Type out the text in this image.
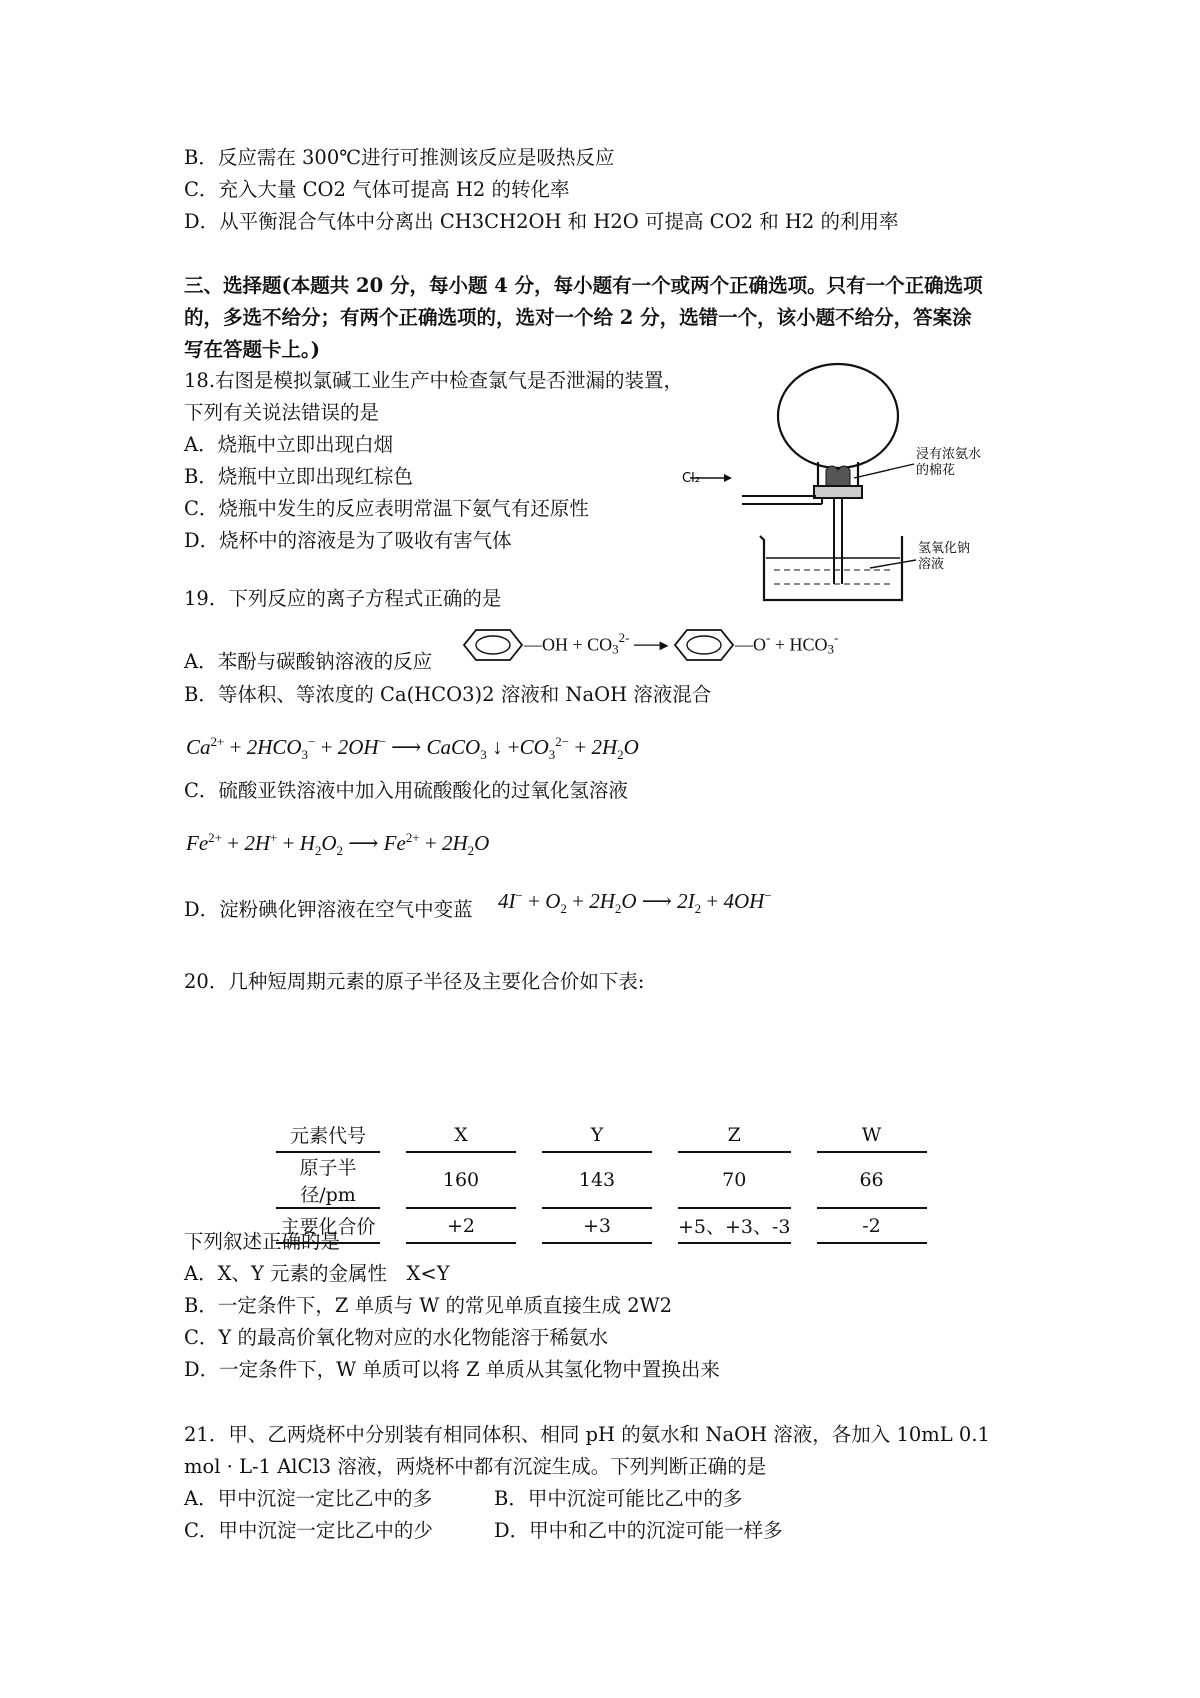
B．反应需在 300℃进行可推测该反应是吸热反应
C．充入大量 CO2 气体可提高 H2 的转化率
D．从平衡混合气体中分离出 CH3CH2OH 和 H2O 可提高 CO2 和 H2 的利用率
三、选择题(本题共 20 分，每小题 4 分，每小题有一个或两个正确选项。只有一个正确选项
的，多选不给分；有两个正确选项的，选对一个给 2 分，选错一个，该小题不给分，答案涂
写在答题卡上。)
18.右图是模拟氯碱工业生产中检查氯气是否泄漏的装置，
下列有关说法错误的是
A．烧瓶中立即出现白烟
B．烧瓶中立即出现红棕色
C．烧瓶中发生的反应表明常温下氨气有还原性
D．烧杯中的溶液是为了吸收有害气体
Cl₂
浸有浓氨水
的棉花
氢氧化钠
溶液
19．下列反应的离子方程式正确的是
A．苯酚与碳酸钠溶液的反应
—OH + $CO_3^{2-}$ ──▸	—O- + $HCO_3^-$
B．等体积、等浓度的 Ca(HCO3)2 溶液和 NaOH 溶液混合
$Ca^{2+} + 2HCO_3^- + 2OH^-$ ⟶ CaCO$_3$ ↓ $+CO_3^{2-} + 2H_2O$
C．硫酸亚铁溶液中加入用硫酸酸化的过氧化氢溶液
$Fe^{2+} + 2H^+ + H_2O_2$ ⟶ $Fe^{2+} + 2H_2O$
D．淀粉碘化钾溶液在空气中变蓝 $4I^- + O_2 + 2H_2O$ ⟶ $2I_2 + 4OH^-$
20．几种短周期元素的原子半径及主要化合价如下表:
元素代号	X	Y	Z	W
原子半径/pm	160	143	70	66
主要化合价	+2	+3	+5、+3、-3	-2
下列叙述正确的是
A．X、Y 元素的金属性　X<Y
B．一定条件下，Z 单质与 W 的常见单质直接生成 2W2
C．Y 的最高价氧化物对应的水化物能溶于稀氨水
D．一定条件下，W 单质可以将 Z 单质从其氢化物中置换出来
21．甲、乙两烧杯中分别装有相同体积、相同 pH 的氨水和 NaOH 溶液，各加入 10mL 0.1
mol · L-1 AlCl3 溶液，两烧杯中都有沉淀生成。下列判断正确的是
A．甲中沉淀一定比乙中的多	B．甲中沉淀可能比乙中的多
C．甲中沉淀一定比乙中的少	D．甲中和乙中的沉淀可能一样多
